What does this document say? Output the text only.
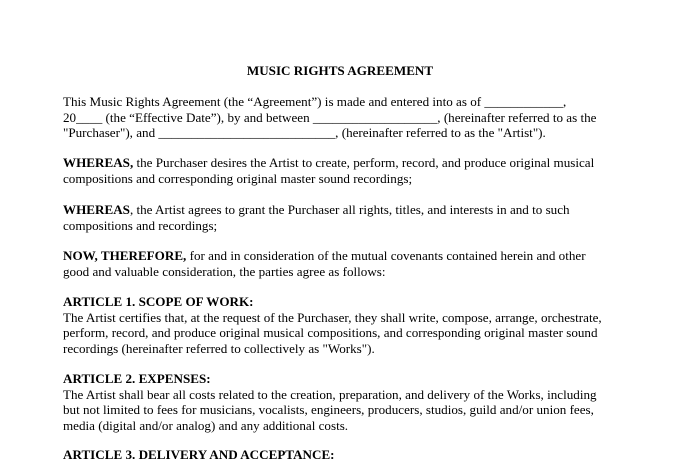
MUSIC RIGHTS AGREEMENT
This Music Rights Agreement (the “Agreement”) is made and entered into as of ____________,
20____ (the “Effective Date”), by and between ___________________, (hereinafter referred to as the
"Purchaser"), and ___________________________, (hereinafter referred to as the "Artist").
WHEREAS, the Purchaser desires the Artist to create, perform, record, and produce original musical
compositions and corresponding original master sound recordings;
WHEREAS, the Artist agrees to grant the Purchaser all rights, titles, and interests in and to such
compositions and recordings;
NOW, THEREFORE, for and in consideration of the mutual covenants contained herein and other
good and valuable consideration, the parties agree as follows:
ARTICLE 1. SCOPE OF WORK:
The Artist certifies that, at the request of the Purchaser, they shall write, compose, arrange, orchestrate,
perform, record, and produce original musical compositions, and corresponding original master sound
recordings (hereinafter referred to collectively as "Works").
ARTICLE 2. EXPENSES:
The Artist shall bear all costs related to the creation, preparation, and delivery of the Works, including
but not limited to fees for musicians, vocalists, engineers, producers, studios, guild and/or union fees,
media (digital and/or analog) and any additional costs.
ARTICLE 3. DELIVERY AND ACCEPTANCE:
